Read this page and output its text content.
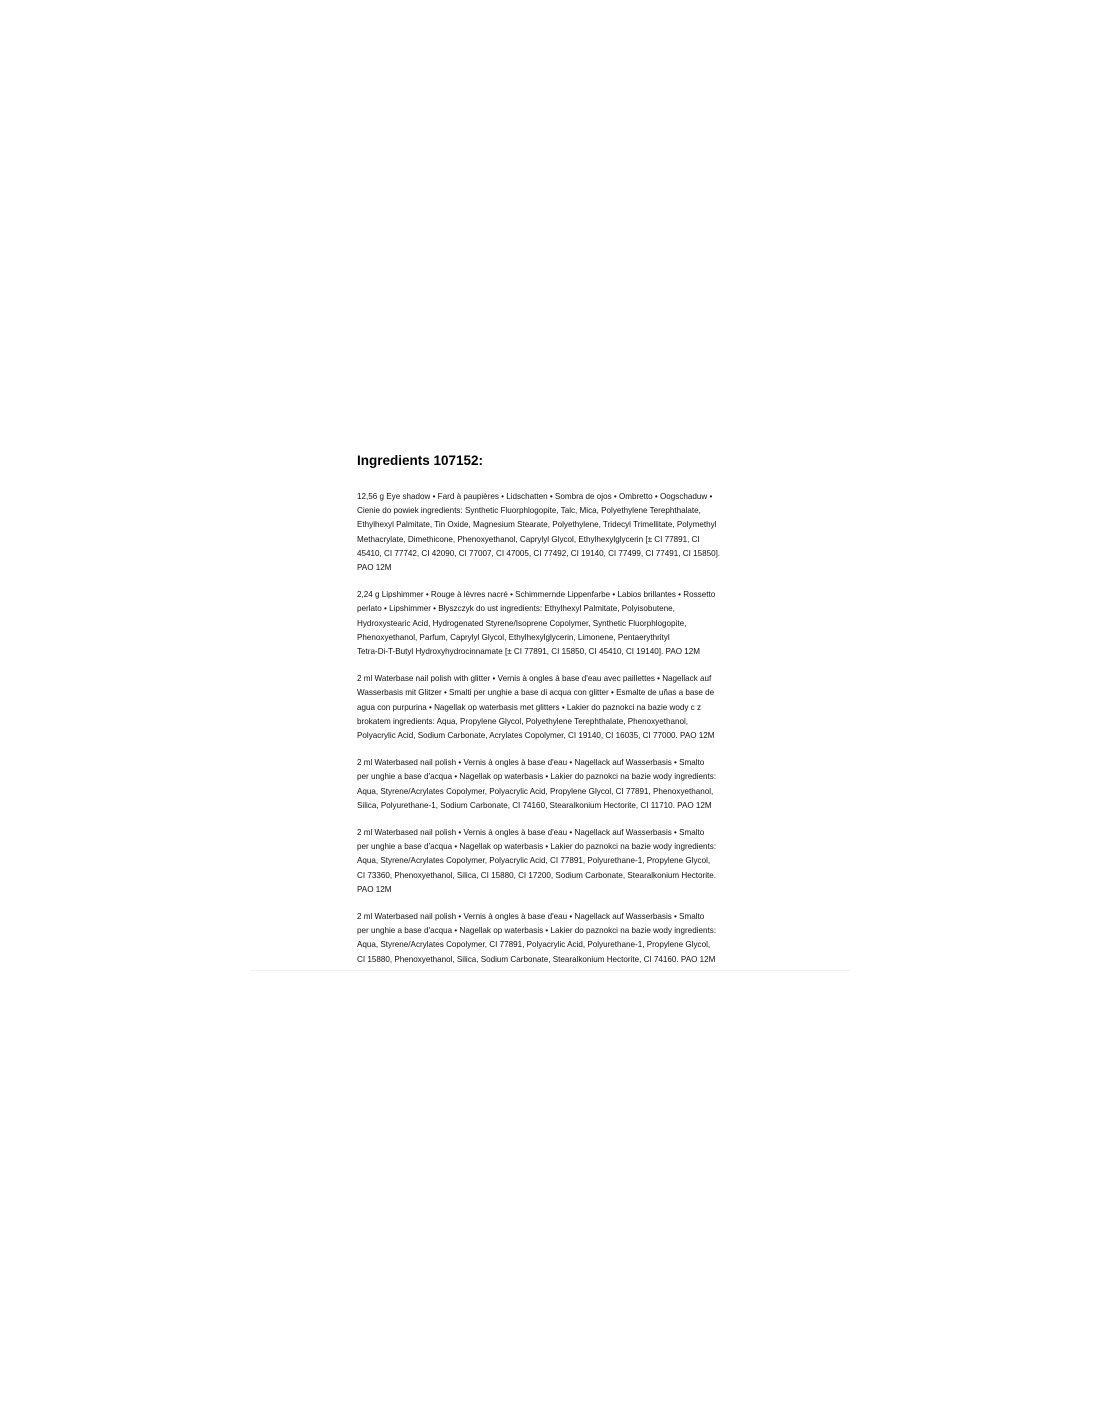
Ingredients 107152:
12,56 g Eye shadow • Fard à paupières • Lidschatten • Sombra de ojos • Ombretto • Oogschaduw •
Cienie do powiek ingredients: Synthetic Fluorphlogopite, Talc, Mica, Polyethylene Terephthalate,
Ethylhexyl Palmitate, Tin Oxide, Magnesium Stearate, Polyethylene, Tridecyl Trimellitate, Polymethyl
Methacrylate, Dimethicone, Phenoxyethanol, Caprylyl Glycol, Ethylhexylglycerin [± CI 77891, CI
45410, CI 77742, CI 42090, CI 77007, CI 47005, CI 77492, CI 19140, CI 77499, CI 77491, CI 15850].
PAO 12M
2,24 g Lipshimmer • Rouge à lèvres nacré • Schimmernde Lippenfarbe • Labios brillantes • Rossetto
perlato • Lipshimmer • Błyszczyk do ust ingredients: Ethylhexyl Palmitate, Polyisobutene,
Hydroxystearic Acid, Hydrogenated Styrene/Isoprene Copolymer, Synthetic Fluorphlogopite,
Phenoxyethanol, Parfum, Caprylyl Glycol, Ethylhexylglycerin, Limonene, Pentaerythrityl
Tetra-Di-T-Butyl Hydroxyhydrocinnamate [± CI 77891, CI 15850, CI 45410, CI 19140]. PAO 12M
2 ml Waterbase nail polish with glitter • Vernis à ongles à base d'eau avec paillettes • Nagellack auf
Wasserbasis mit Glitzer • Smalti per unghie a base di acqua con glitter • Esmalte de uñas a base de
agua con purpurina • Nagellak op waterbasis met glitters • Lakier do paznokci na bazie wody c z
brokatem ingredients: Aqua, Propylene Glycol, Polyethylene Terephthalate, Phenoxyethanol,
Polyacrylic Acid, Sodium Carbonate, Acrylates Copolymer, CI 19140, CI 16035, CI 77000. PAO 12M
2 ml Waterbased nail polish • Vernis à ongles à base d'eau • Nagellack auf Wasserbasis • Smalto
per unghie a base d'acqua • Nagellak op waterbasis • Lakier do paznokci na bazie wody ingredients:
Aqua, Styrene/Acrylates Copolymer, Polyacrylic Acid, Propylene Glycol, CI 77891, Phenoxyethanol,
Silica, Polyurethane-1, Sodium Carbonate, CI 74160, Stearalkonium Hectorite, CI 11710. PAO 12M
2 ml Waterbased nail polish • Vernis à ongles à base d'eau • Nagellack auf Wasserbasis • Smalto
per unghie a base d'acqua • Nagellak op waterbasis • Lakier do paznokci na bazie wody ingredients:
Aqua, Styrene/Acrylates Copolymer, Polyacrylic Acid, CI 77891, Polyurethane-1, Propylene Glycol,
CI 73360, Phenoxyethanol, Silica, CI 15880, CI 17200, Sodium Carbonate, Stearalkonium Hectorite.
PAO 12M
2 ml Waterbased nail polish • Vernis à ongles à base d'eau • Nagellack auf Wasserbasis • Smalto
per unghie a base d'acqua • Nagellak op waterbasis • Lakier do paznokci na bazie wody ingredients:
Aqua, Styrene/Acrylates Copolymer, CI 77891, Polyacrylic Acid, Polyurethane-1, Propylene Glycol,
CI 15880, Phenoxyethanol, Silica, Sodium Carbonate, Stearalkonium Hectorite, CI 74160. PAO 12M
